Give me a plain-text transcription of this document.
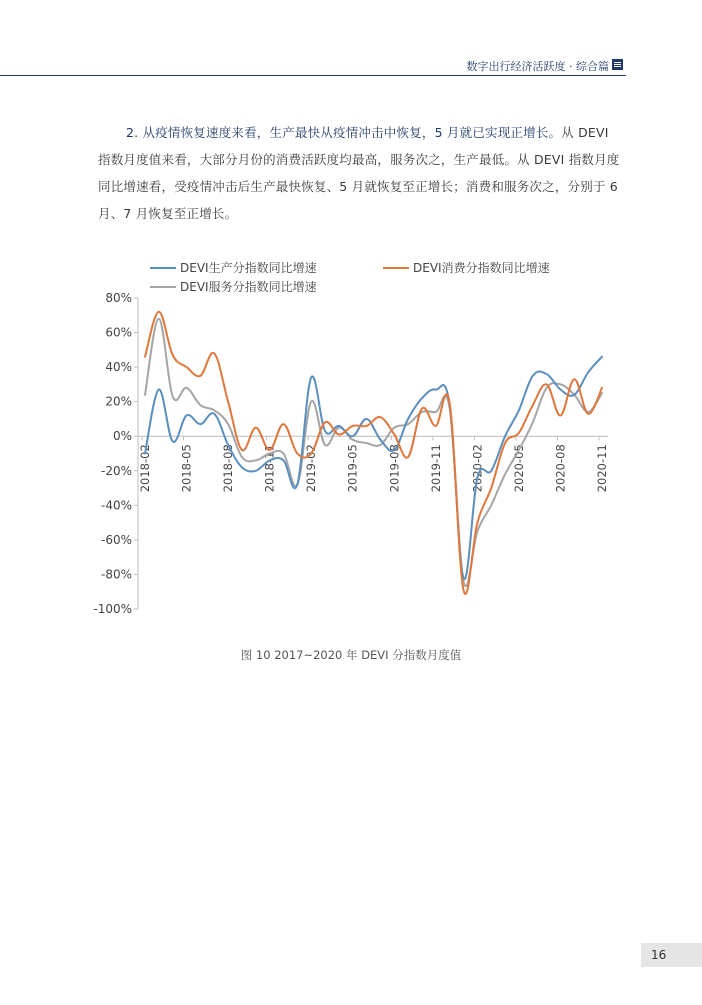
数字出行经济活跃度 · 综合篇
2. 从疫情恢复速度来看，生产最快从疫情冲击中恢复，5 月就已实现正增长。从 DEVI 指数月度值来看，大部分月份的消费活跃度均最高，服务次之，生产最低。从 DEVI 指数月度同比增速看，受疫情冲击后生产最快恢复、5 月就恢复至正增长；消费和服务次之，分别于 6 月、7 月恢复至正增长。
DEVI生产分指数同比增速	DEVI消费分指数同比增速
DEVI服务分指数同比增速
80%
60%
40%
20%
0%
-20%
-40%
-60%
-80%
-100%
2018-02 2018-05 2018-08 2018-11 2019-02 2019-05 2019-08 2019-11 2020-02 2020-05 2020-08 2020-11
图 10 2017~2020 年 DEVI 分指数月度值
16
